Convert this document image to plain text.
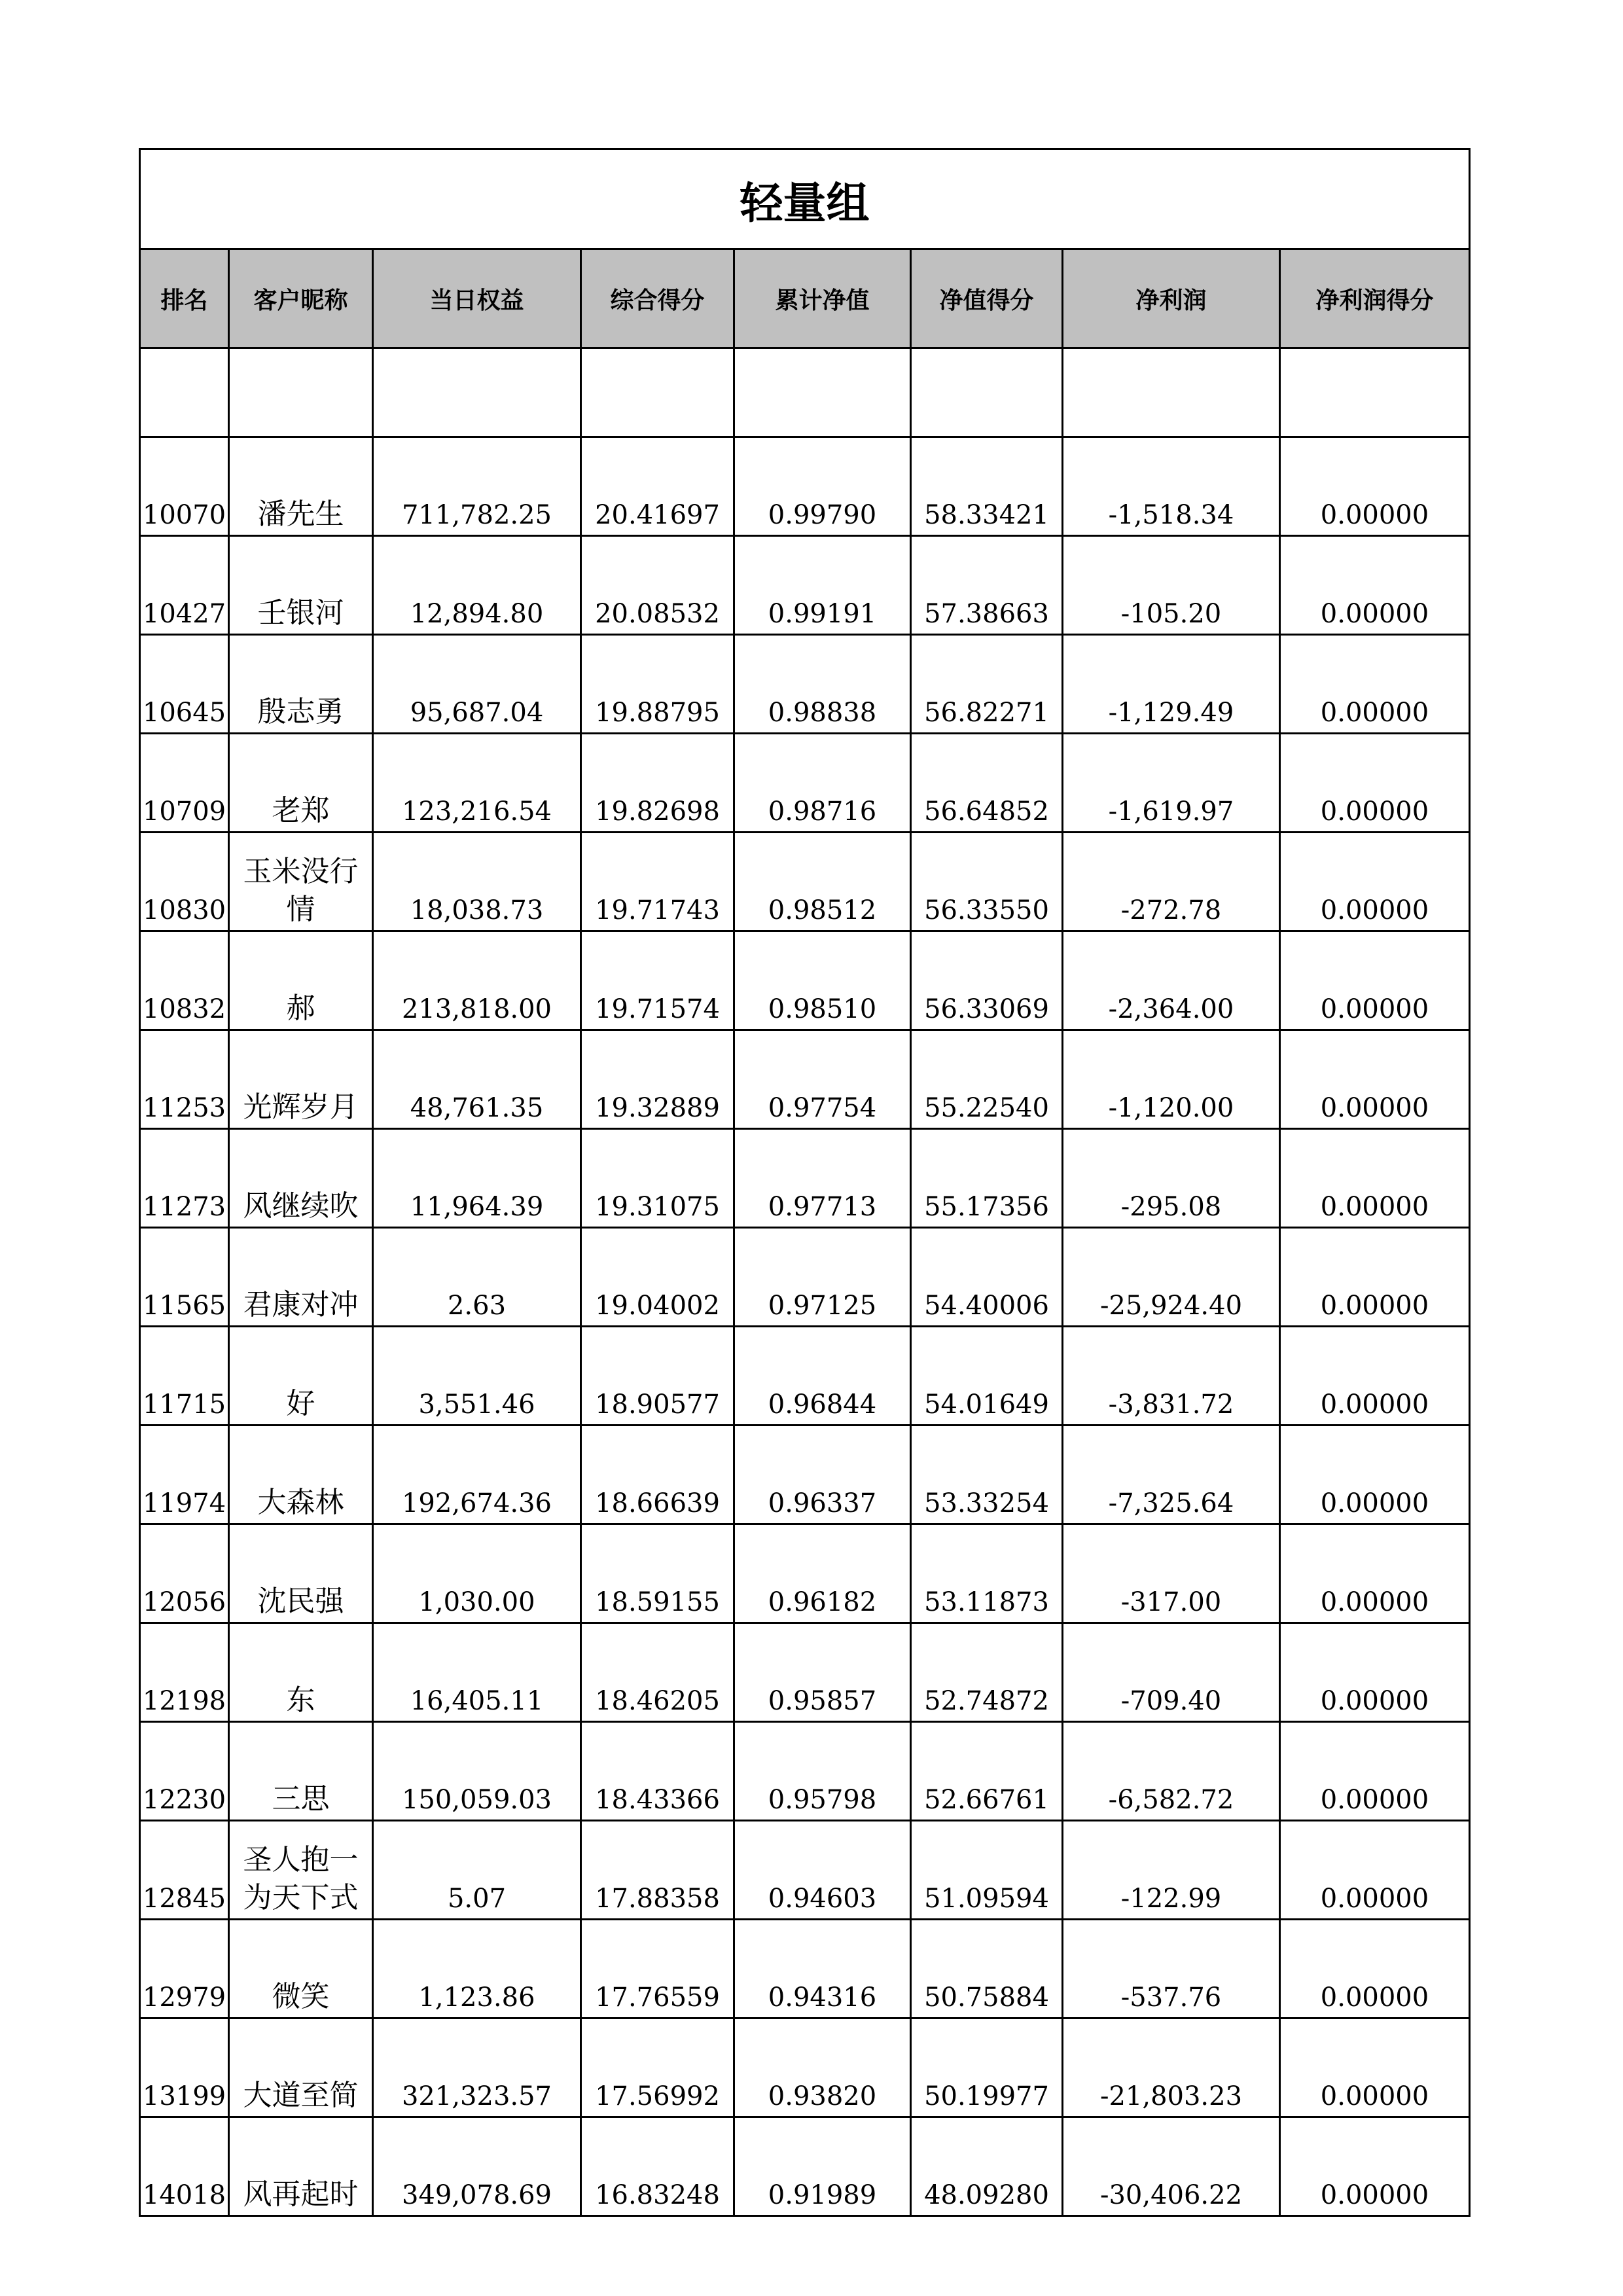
轻量组							
排名	客户昵称	当日权益	综合得分	累计净值	净值得分	净利润	净利润得分

10070	潘先生	711,782.25	20.41697	0.99790	58.33421	-1,518.34	0.00000
10427	壬银河	12,894.80	20.08532	0.99191	57.38663	-105.20	0.00000
10645	殷志勇	95,687.04	19.88795	0.98838	56.82271	-1,129.49	0.00000
10709	老郑	123,216.54	19.82698	0.98716	56.64852	-1,619.97	0.00000
10830	玉米没行情	18,038.73	19.71743	0.98512	56.33550	-272.78	0.00000
10832	郝	213,818.00	19.71574	0.98510	56.33069	-2,364.00	0.00000
11253	光辉岁月	48,761.35	19.32889	0.97754	55.22540	-1,120.00	0.00000
11273	风继续吹	11,964.39	19.31075	0.97713	55.17356	-295.08	0.00000
11565	君康对冲	2.63	19.04002	0.97125	54.40006	-25,924.40	0.00000
11715	好	3,551.46	18.90577	0.96844	54.01649	-3,831.72	0.00000
11974	大森林	192,674.36	18.66639	0.96337	53.33254	-7,325.64	0.00000
12056	沈民强	1,030.00	18.59155	0.96182	53.11873	-317.00	0.00000
12198	东	16,405.11	18.46205	0.95857	52.74872	-709.40	0.00000
12230	三思	150,059.03	18.43366	0.95798	52.66761	-6,582.72	0.00000
12845	圣人抱一为天下式	5.07	17.88358	0.94603	51.09594	-122.99	0.00000
12979	微笑	1,123.86	17.76559	0.94316	50.75884	-537.76	0.00000
13199	大道至简	321,323.57	17.56992	0.93820	50.19977	-21,803.23	0.00000
14018	风再起时	349,078.69	16.83248	0.91989	48.09280	-30,406.22	0.00000
